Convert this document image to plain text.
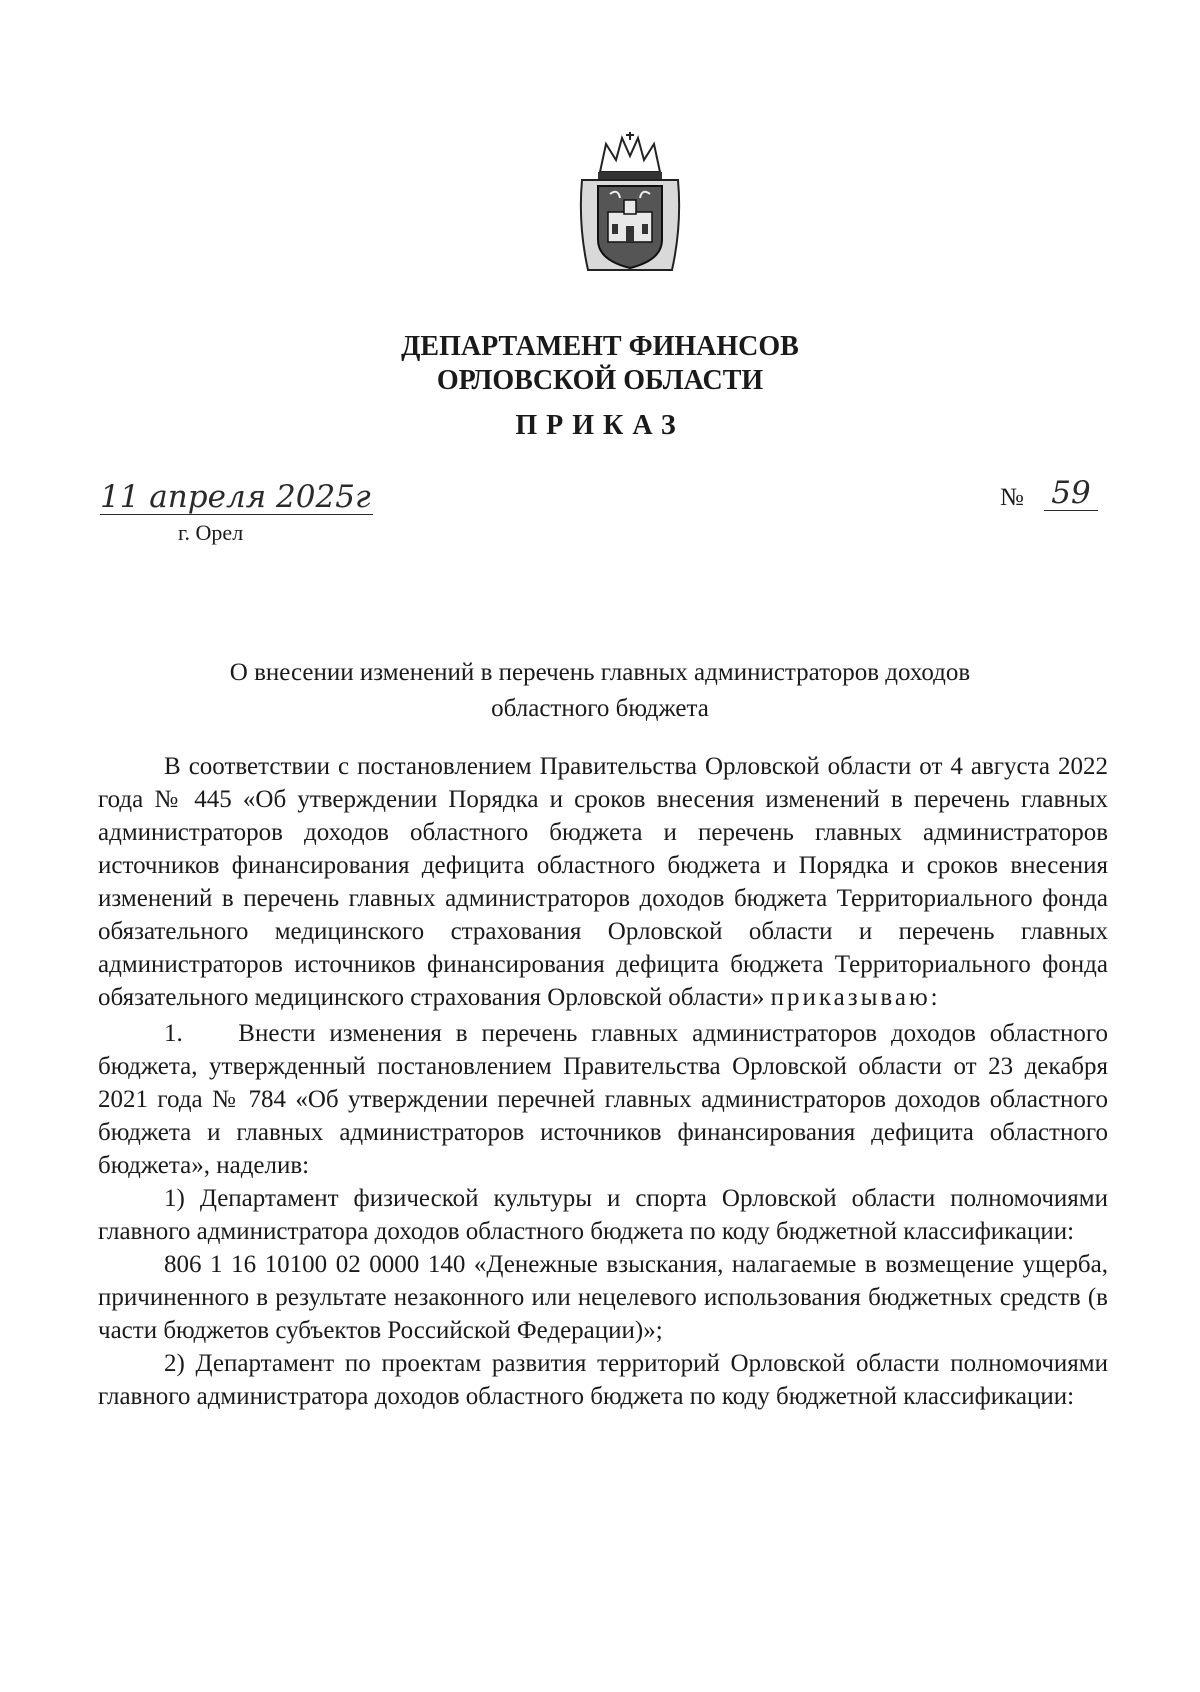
ДЕПАРТАМЕНТ ФИНАНСОВ
ОРЛОВСКОЙ ОБЛАСТИ
ПРИКАЗ
11 апреля 2025г
г. Орел
№ 59
О внесении изменений в перечень главных администраторов доходов
областного бюджета

В соответствии с постановлением Правительства Орловской области от 4 августа 2022 года № 445 «Об утверждении Порядка и сроков внесения изменений в перечень главных администраторов доходов областного бюджета и перечень главных администраторов источников финансирования дефицита областного бюджета и Порядка и сроков внесения изменений в перечень главных администраторов доходов бюджета Территориального фонда обязательного медицинского страхования Орловской области и перечень главных администраторов источников финансирования дефицита бюджета Территориального фонда обязательного медицинского страхования Орловской области» приказываю:

1.    Внести изменения в перечень главных администраторов доходов областного бюджета, утвержденный постановлением Правительства Орловской области от 23 декабря 2021 года № 784 «Об утверждении перечней главных администраторов доходов областного бюджета и главных администраторов источников финансирования дефицита областного бюджета», наделив:

1) Департамент физической культуры и спорта Орловской области полномочиями главного администратора доходов областного бюджета по коду бюджетной классификации:

806 1 16 10100 02 0000 140 «Денежные взыскания, налагаемые в возмещение ущерба, причиненного в результате незаконного или нецелевого использования бюджетных средств (в части бюджетов субъектов Российской Федерации)»;

2) Департамент по проектам развития территорий Орловской области полномочиями главного администратора доходов областного бюджета по коду бюджетной классификации:
